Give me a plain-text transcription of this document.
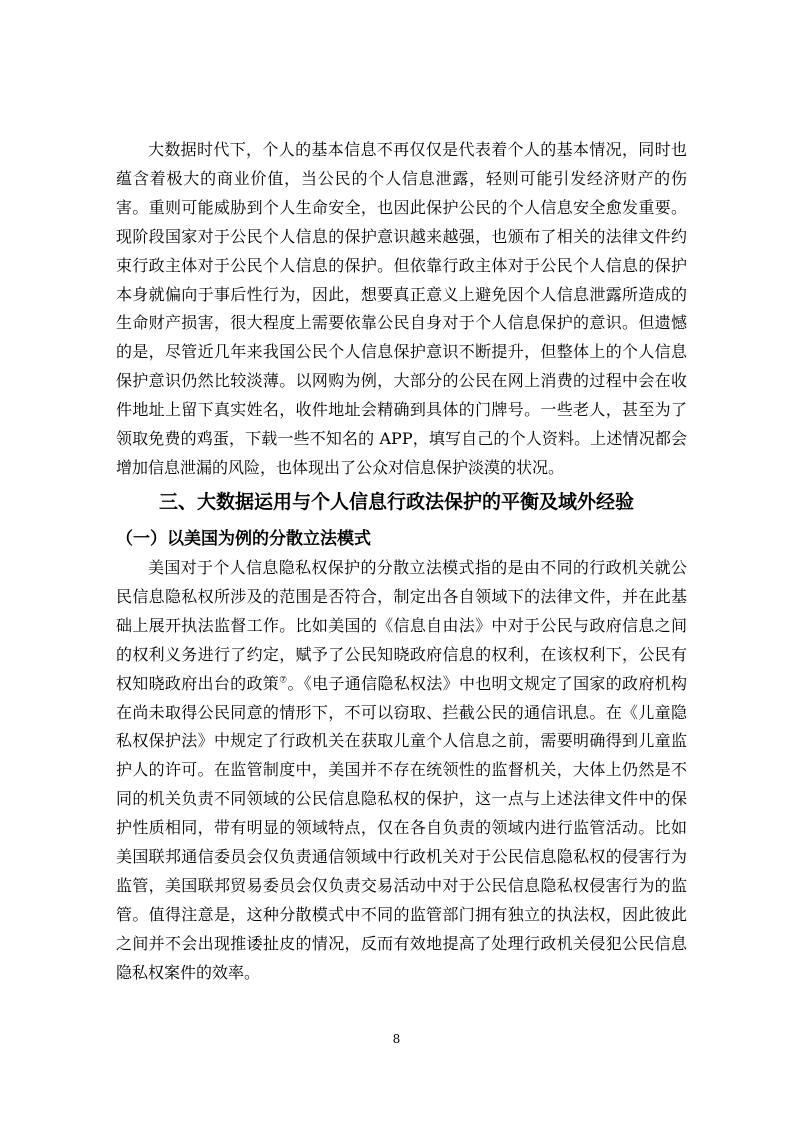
大数据时代下，个人的基本信息不再仅仅是代表着个人的基本情况，同时也蕴含着极大的商业价值，当公民的个人信息泄露，轻则可能引发经济财产的伤害。重则可能威胁到个人生命安全，也因此保护公民的个人信息安全愈发重要。现阶段国家对于公民个人信息的保护意识越来越强，也颁布了相关的法律文件约束行政主体对于公民个人信息的保护。但依靠行政主体对于公民个人信息的保护本身就偏向于事后性行为，因此，想要真正意义上避免因个人信息泄露所造成的生命财产损害，很大程度上需要依靠公民自身对于个人信息保护的意识。但遗憾的是，尽管近几年来我国公民个人信息保护意识不断提升，但整体上的个人信息保护意识仍然比较淡薄。以网购为例，大部分的公民在网上消费的过程中会在收件地址上留下真实姓名，收件地址会精确到具体的门牌号。一些老人，甚至为了领取免费的鸡蛋，下载一些不知名的 APP，填写自己的个人资料。上述情况都会增加信息泄漏的风险，也体现出了公众对信息保护淡漠的状况。

三、大数据运用与个人信息行政法保护的平衡及域外经验
（一）以美国为例的分散立法模式

美国对于个人信息隐私权保护的分散立法模式指的是由不同的行政机关就公民信息隐私权所涉及的范围是否符合，制定出各自领域下的法律文件，并在此基础上展开执法监督工作。比如美国的《信息自由法》中对于公民与政府信息之间的权利义务进行了约定，赋予了公民知晓政府信息的权利，在该权利下，公民有权知晓政府出台的政策⑦。《电子通信隐私权法》中也明文规定了国家的政府机构在尚未取得公民同意的情形下，不可以窃取、拦截公民的通信讯息。在《儿童隐私权保护法》中规定了行政机关在获取儿童个人信息之前，需要明确得到儿童监护人的许可。在监管制度中，美国并不存在统领性的监督机关，大体上仍然是不同的机关负责不同领域的公民信息隐私权的保护，这一点与上述法律文件中的保护性质相同，带有明显的领域特点，仅在各自负责的领域内进行监管活动。比如美国联邦通信委员会仅负责通信领域中行政机关对于公民信息隐私权的侵害行为监管，美国联邦贸易委员会仅负责交易活动中对于公民信息隐私权侵害行为的监管。值得注意是，这种分散模式中不同的监管部门拥有独立的执法权，因此彼此之间并不会出现推诿扯皮的情况，反而有效地提高了处理行政机关侵犯公民信息隐私权案件的效率。

8
